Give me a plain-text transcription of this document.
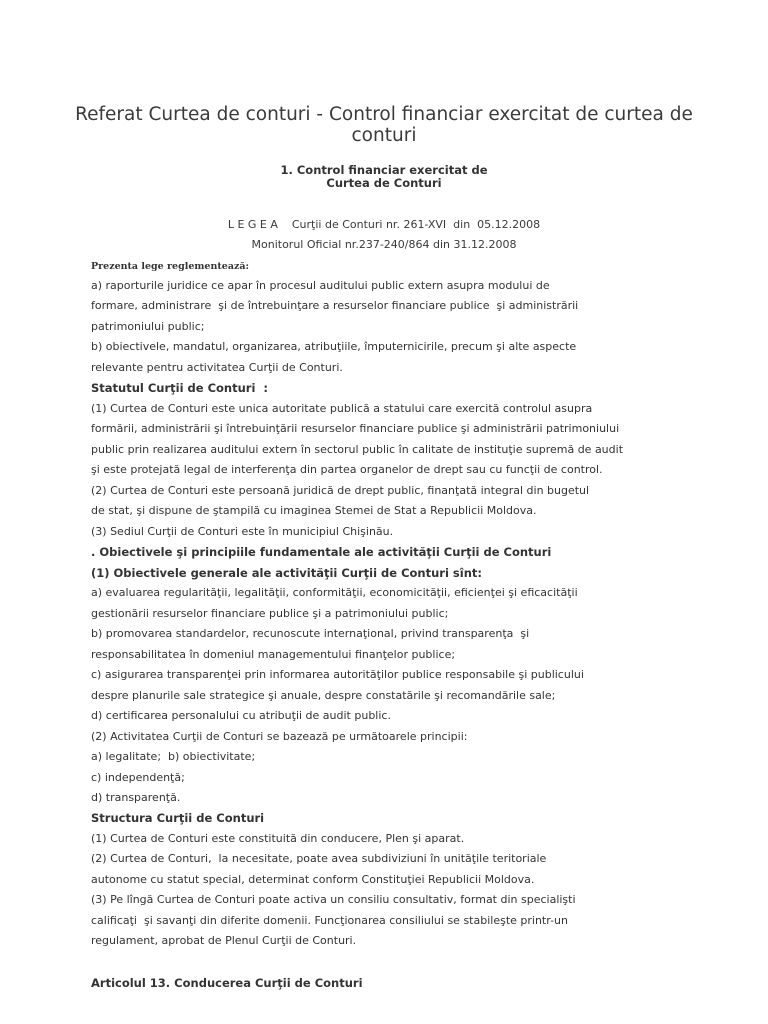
Referat Curtea de conturi - Control financiar exercitat de curtea de conturi
1. Control financiar exercitat de
Curtea de Conturi
L E G E A    Curţii de Conturi nr. 261-XVI  din  05.12.2008
Monitorul Oficial nr.237-240/864 din 31.12.2008
Prezenta lege reglementează:
a) raporturile juridice ce apar în procesul auditului public extern asupra modului de
formare, administrare  şi de întrebuinţare a resurselor financiare publice  şi administrării
patrimoniului public;
b) obiectivele, mandatul, organizarea, atribuţiile, împuternicirile, precum şi alte aspecte
relevante pentru activitatea Curţii de Conturi.
Statutul Curţii de Conturi  :
(1) Curtea de Conturi este unica autoritate publică a statului care exercită controlul asupra
formării, administrării şi întrebuinţării resurselor financiare publice şi administrării patrimoniului
public prin realizarea auditului extern în sectorul public în calitate de instituţie supremă de audit
şi este protejată legal de interferenţa din partea organelor de drept sau cu funcţii de control.
(2) Curtea de Conturi este persoană juridică de drept public, finanţată integral din bugetul
de stat, şi dispune de ştampilă cu imaginea Stemei de Stat a Republicii Moldova.
(3) Sediul Curţii de Conturi este în municipiul Chişinău.
. Obiectivele şi principiile fundamentale ale activităţii Curţii de Conturi
(1) Obiectivele generale ale activităţii Curţii de Conturi sînt:
a) evaluarea regularităţii, legalităţii, conformităţii, economicităţii, eficienţei şi eficacităţii
gestionării resurselor financiare publice şi a patrimoniului public;
b) promovarea standardelor, recunoscute internaţional, privind transparenţa  şi
responsabilitatea în domeniul managementului finanţelor publice;
c) asigurarea transparenţei prin informarea autorităţilor publice responsabile şi publicului
despre planurile sale strategice şi anuale, despre constatările şi recomandările sale;
d) certificarea personalului cu atribuţii de audit public.
(2) Activitatea Curţii de Conturi se bazează pe următoarele principii:
a) legalitate;  b) obiectivitate;
c) independenţă;
d) transparenţă.
Structura Curţii de Conturi
(1) Curtea de Conturi este constituită din conducere, Plen şi aparat.
(2) Curtea de Conturi,  la necesitate, poate avea subdiviziuni în unităţile teritoriale
autonome cu statut special, determinat conform Constituţiei Republicii Moldova.
(3) Pe lîngă Curtea de Conturi poate activa un consiliu consultativ, format din specialişti
calificaţi  şi savanţi din diferite domenii. Funcţionarea consiliului se stabileşte printr-un
regulament, aprobat de Plenul Curţii de Conturi.
Articolul 13. Conducerea Curţii de Conturi
